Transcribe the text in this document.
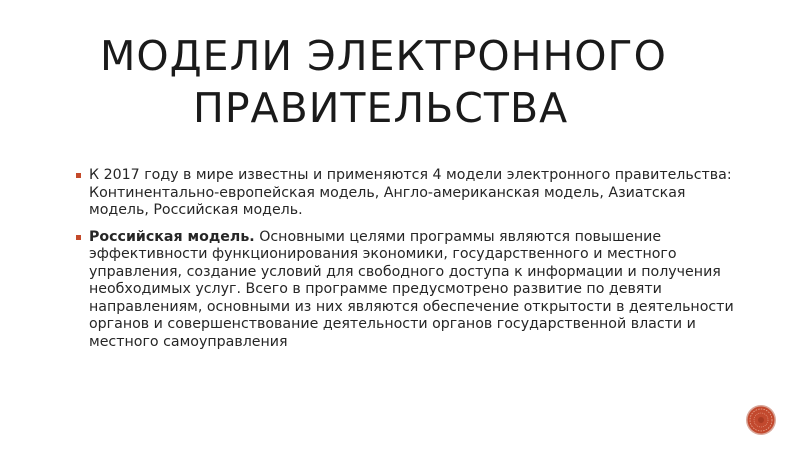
МОДЕЛИ ЭЛЕКТРОННОГО
ПРАВИТЕЛЬСТВА
К 2017 году в мире известны и применяются 4 модели электронного правительства: Континентально-европейская модель, Англо-американская модель, Азиатская модель, Российская модель.
Российская модель. Основными целями программы являются повышение эффективности функционирования экономики, государственного и местного управления, создание условий для свободного доступа к информации и получения необходимых услуг. Всего в программе предусмотрено развитие по девяти направлениям, основными из них являются обеспечение открытости в деятельности органов и совершенствование деятельности органов государственной власти и местного самоуправления
